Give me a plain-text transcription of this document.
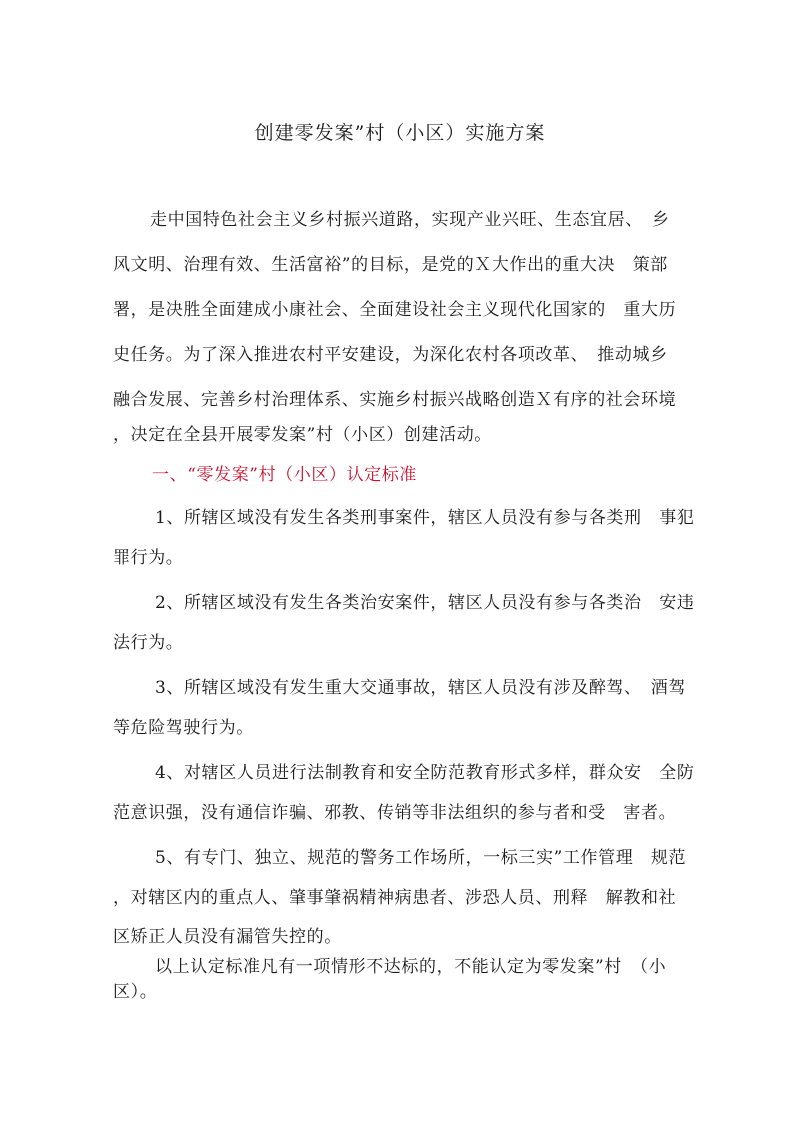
创建零发案”村（小区）实施方案
走中国特色社会主义乡村振兴道路，实现产业兴旺、生态宜居、　乡
风文明、治理有效、生活富裕”的目标，是党的Ｘ大作出的重大决　策部
署，是决胜全面建成小康社会、全面建设社会主义现代化国家的　重大历
史任务。为了深入推进农村平安建设，为深化农村各项改革、　推动城乡
融合发展、完善乡村治理体系、实施乡村振兴战略创造Ｘ有序的社会环境
，决定在全县开展零发案”村（小区）创建活动。
一、“零发案”村（小区）认定标准
1、所辖区域没有发生各类刑事案件，辖区人员没有参与各类刑　事犯
罪行为。
2、所辖区域没有发生各类治安案件，辖区人员没有参与各类治　安违
法行为。
3、所辖区域没有发生重大交通事故，辖区人员没有涉及醉驾、　酒驾
等危险驾驶行为。
4、对辖区人员进行法制教育和安全防范教育形式多样，群众安　全防
范意识强，没有通信诈骗、邪教、传销等非法组织的参与者和受　害者。
5、有专门、独立、规范的警务工作场所，一标三实”工作管理　规范
，对辖区内的重点人、肇事肇祸精神病患者、涉恐人员、刑释　解教和社
区矫正人员没有漏管失控的。
以上认定标准凡有一项情形不达标的，不能认定为零发案”村　（小
区）。
